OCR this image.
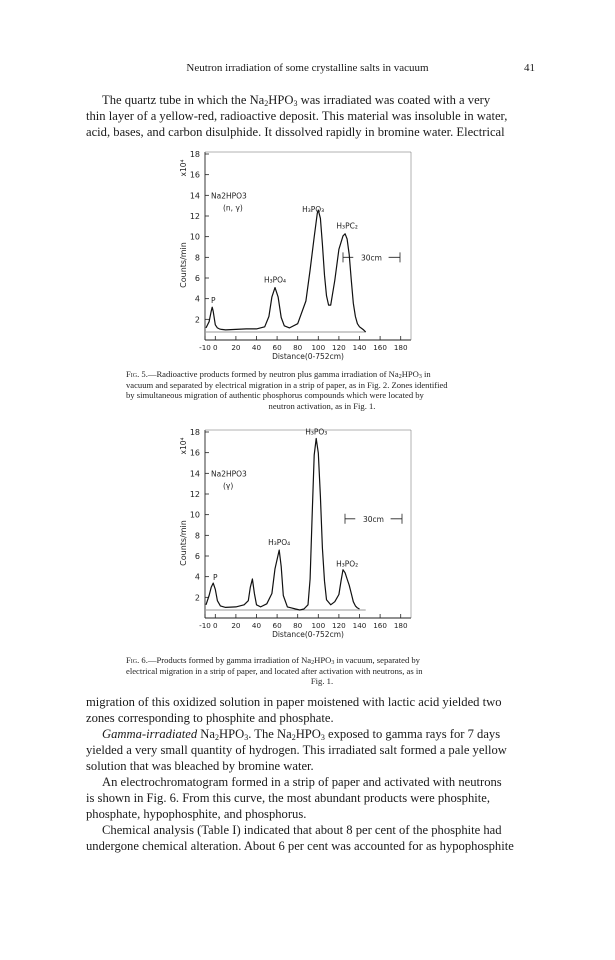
Neutron irradiation of some crystalline salts in vacuum	41

The quartz tube in which the $Na_2HPO_3$ was irradiated was coated with a very
thin layer of a yellow-red, radioactive deposit. This material was insoluble in water,
acid, bases, and carbon disulphide. It dissolved rapidly in bromine water. Electrical

2
4
6
8
10
12
14
16
18
-10 0 20 40 60 80 100 120 140 160 180
Distance(0-752cm)
Counts/min
x10⁴
Na2HPO3
(n, γ)
30cm
P
H₃PO₄
H₃PO₃
H₃PC₂

Fig. 5.—Radioactive products formed by neutron plus gamma irradiation of $Na_2HPO_3$ in
vacuum and separated by electrical migration in a strip of paper, as in Fig. 2. Zones identified
by simultaneous migration of authentic phosphorus compounds which were located by
neutron activation, as in Fig. 1.

2
4
6
8
10
12
14
16
18
-10 0 20 40 60 80 100 120 140 160 180
Distance(0-752cm)
Counts/min
x10⁴
Na2HPO3
(γ)
30cm
P
H₃PO₄
H₃PO₃
H₃PO₂

Fig. 6.—Products formed by gamma irradiation of $Na_2HPO_3$ in vacuum, separated by
electrical migration in a strip of paper, and located after activation with neutrons, as in
Fig. 1.

migration of this oxidized solution in paper moistened with lactic acid yielded two
zones corresponding to phosphite and phosphate.
Gamma-irradiated $Na_2HPO_3$. The $Na_2HPO_3$ exposed to gamma rays for 7 days
yielded a very small quantity of hydrogen. This irradiated salt formed a pale yellow
solution that was bleached by bromine water.
An electrochromatogram formed in a strip of paper and activated with neutrons
is shown in Fig. 6. From this curve, the most abundant products were phosphite,
phosphate, hypophosphite, and phosphorus.
Chemical analysis (Table I) indicated that about 8 per cent of the phosphite had
undergone chemical alteration. About 6 per cent was accounted for as hypophosphite
